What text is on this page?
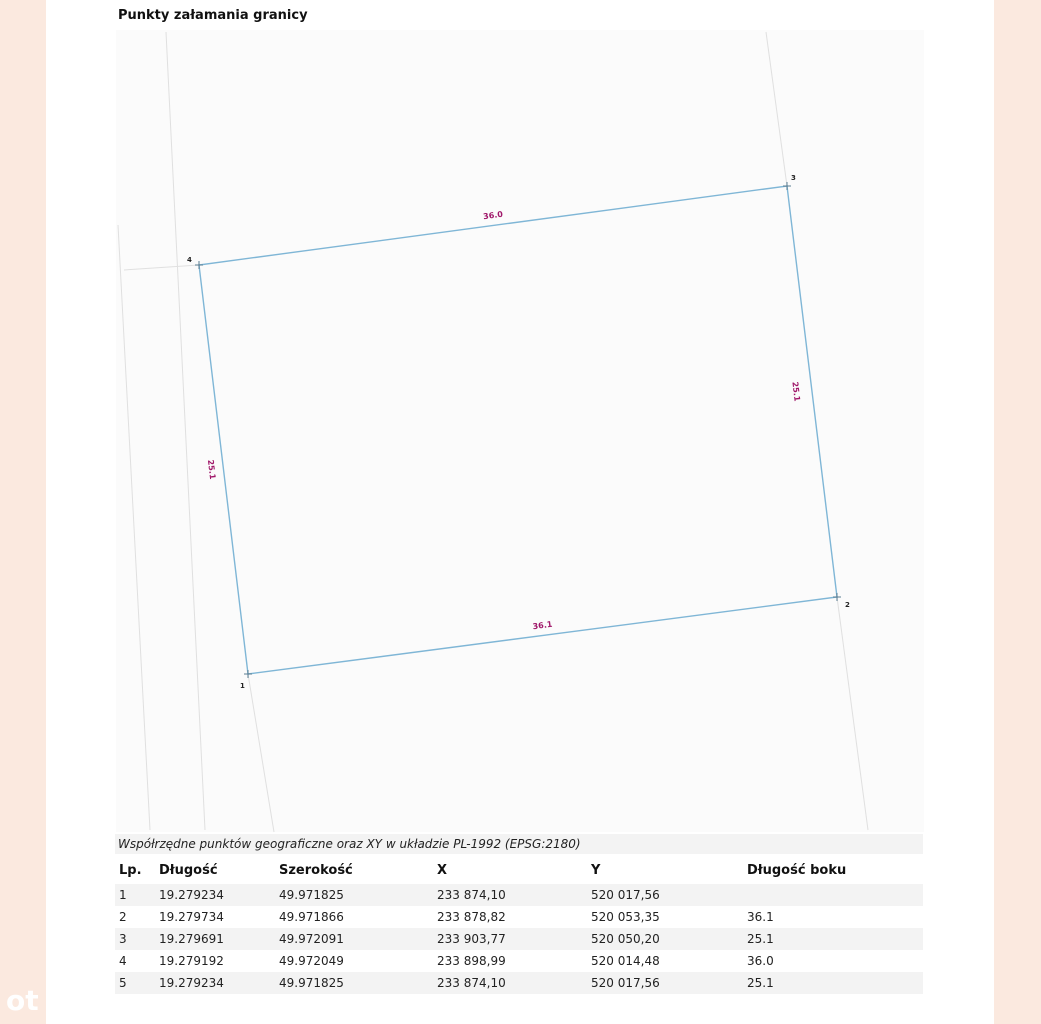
Punkty załamania granicy
1
2
3
4
36.1
25.1
36.0
25.1
Współrzędne punktów geograficzne oraz XY w układzie PL-1992 (EPSG:2180)
Lp.	Długość	Szerokość	X	Y	Długość boku
1	19.279234	49.971825	233 874,10	520 017,56	
2	19.279734	49.971866	233 878,82	520 053,35	36.1
3	19.279691	49.972091	233 903,77	520 050,20	25.1
4	19.279192	49.972049	233 898,99	520 014,48	36.0
5	19.279234	49.971825	233 874,10	520 017,56	25.1
ot
